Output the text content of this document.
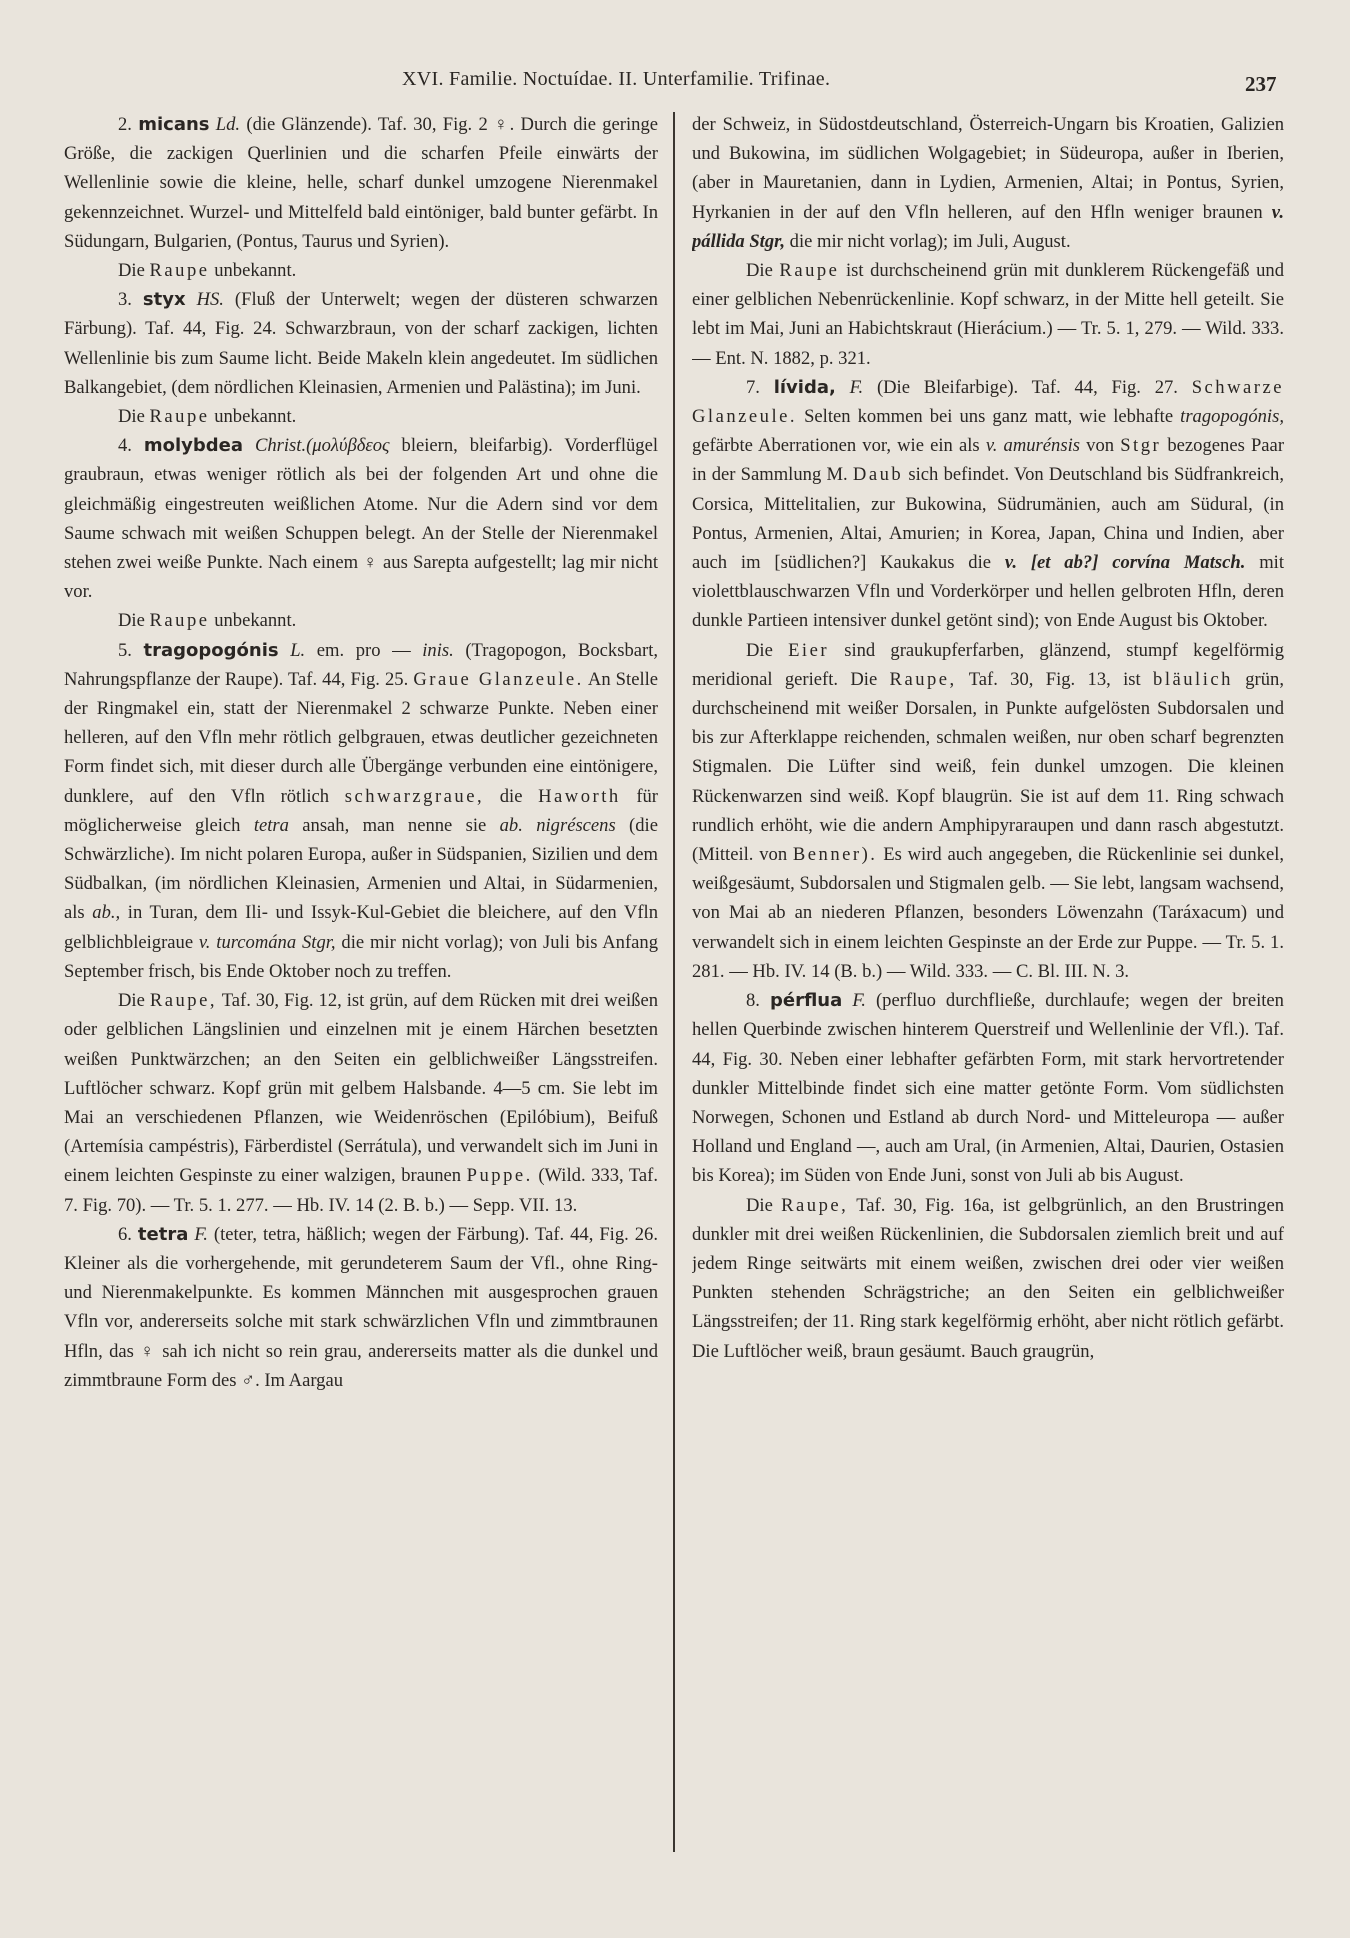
XVI. Familie. Noctuídae. II. Unterfamilie. Trifinae.	237

2. micans Ld. (die Glänzende). Taf. 30, Fig. 2 ♀. Durch die geringe Größe, die zackigen Querlinien und die scharfen Pfeile einwärts der Wellenlinie sowie die kleine, helle, scharf dunkel umzogene Nierenmakel gekennzeichnet. Wurzel- und Mittelfeld bald eintöniger, bald bunter gefärbt. In Südungarn, Bulgarien, (Pontus, Taurus und Syrien).

Die Raupe unbekannt.

3. styx HS. (Fluß der Unterwelt; wegen der düsteren schwarzen Färbung). Taf. 44, Fig. 24. Schwarzbraun, von der scharf zackigen, lichten Wellenlinie bis zum Saume licht. Beide Makeln klein angedeutet. Im südlichen Balkangebiet, (dem nördlichen Kleinasien, Armenien und Palästina); im Juni.

Die Raupe unbekannt.

4. molybdea Christ.(μολύβδεος bleiern, bleifarbig). Vorderflügel graubraun, etwas weniger rötlich als bei der folgenden Art und ohne die gleichmäßig eingestreuten weißlichen Atome. Nur die Adern sind vor dem Saume schwach mit weißen Schuppen belegt. An der Stelle der Nierenmakel stehen zwei weiße Punkte. Nach einem ♀ aus Sarepta aufgestellt; lag mir nicht vor.

Die Raupe unbekannt.

5. tragopogónis L. em. pro — inis. (Tragopogon, Bocksbart, Nahrungspflanze der Raupe). Taf. 44, Fig. 25. Graue Glanzeule. An Stelle der Ringmakel ein, statt der Nierenmakel 2 schwarze Punkte. Neben einer helleren, auf den Vfln mehr rötlich gelbgrauen, etwas deutlicher gezeichneten Form findet sich, mit dieser durch alle Übergänge verbunden eine eintönigere, dunklere, auf den Vfln rötlich schwarzgraue, die Haworth für möglicherweise gleich tetra ansah, man nenne sie ab. nigréscens (die Schwärzliche). Im nicht polaren Europa, außer in Südspanien, Sizilien und dem Südbalkan, (im nördlichen Kleinasien, Armenien und Altai, in Südarmenien, als ab., in Turan, dem Ili- und Issyk-Kul-Gebiet die bleichere, auf den Vfln gelblichbleigraue v. turcomána Stgr, die mir nicht vorlag); von Juli bis Anfang September frisch, bis Ende Oktober noch zu treffen.

Die Raupe, Taf. 30, Fig. 12, ist grün, auf dem Rücken mit drei weißen oder gelblichen Längslinien und einzelnen mit je einem Härchen besetzten weißen Punktwärzchen; an den Seiten ein gelblichweißer Längsstreifen. Luftlöcher schwarz. Kopf grün mit gelbem Halsbande. 4—5 cm. Sie lebt im Mai an verschiedenen Pflanzen, wie Weidenröschen (Epilóbium), Beifuß (Artemísia campéstris), Färberdistel (Serrátula), und verwandelt sich im Juni in einem leichten Gespinste zu einer walzigen, braunen Puppe. (Wild. 333, Taf. 7. Fig. 70). — Tr. 5. 1. 277. — Hb. IV. 14 (2. B. b.) — Sepp. VII. 13.

6. tetra F. (teter, tetra, häßlich; wegen der Färbung). Taf. 44, Fig. 26. Kleiner als die vorhergehende, mit gerundeterem Saum der Vfl., ohne Ring- und Nierenmakelpunkte. Es kommen Männchen mit ausgesprochen grauen Vfln vor, andererseits solche mit stark schwärzlichen Vfln und zimmtbraunen Hfln, das ♀ sah ich nicht so rein grau, andererseits matter als die dunkel und zimmtbraune Form des ♂. Im Aargau

der Schweiz, in Südostdeutschland, Österreich-Ungarn bis Kroatien, Galizien und Bukowina, im südlichen Wolgagebiet; in Südeuropa, außer in Iberien, (aber in Mauretanien, dann in Lydien, Armenien, Altai; in Pontus, Syrien, Hyrkanien in der auf den Vfln helleren, auf den Hfln weniger braunen v. pállida Stgr, die mir nicht vorlag); im Juli, August.

Die Raupe ist durchscheinend grün mit dunklerem Rückengefäß und einer gelblichen Nebenrückenlinie. Kopf schwarz, in der Mitte hell geteilt. Sie lebt im Mai, Juni an Habichtskraut (Hierácium.) — Tr. 5. 1, 279. — Wild. 333.— Ent. N. 1882, p. 321.

7. lívida, F. (Die Bleifarbige). Taf. 44, Fig. 27. Schwarze Glanzeule. Selten kommen bei uns ganz matt, wie lebhafte tragopogónis, gefärbte Aberrationen vor, wie ein als v. amurénsis von Stgr bezogenes Paar in der Sammlung M. Daub sich befindet. Von Deutschland bis Südfrankreich, Corsica, Mittelitalien, zur Bukowina, Südrumänien, auch am Südural, (in Pontus, Armenien, Altai, Amurien; in Korea, Japan, China und Indien, aber auch im [südlichen?] Kaukakus die v. [et ab?] corvína Matsch. mit violettblauschwarzen Vfln und Vorderkörper und hellen gelbroten Hfln, deren dunkle Partieen intensiver dunkel getönt sind); von Ende August bis Oktober.

Die Eier sind graukupferfarben, glänzend, stumpf kegelförmig meridional gerieft. Die Raupe, Taf. 30, Fig. 13, ist bläulich grün, durchscheinend mit weißer Dorsalen, in Punkte aufgelösten Subdorsalen und bis zur Afterklappe reichenden, schmalen weißen, nur oben scharf begrenzten Stigmalen. Die Lüfter sind weiß, fein dunkel umzogen. Die kleinen Rückenwarzen sind weiß. Kopf blaugrün. Sie ist auf dem 11. Ring schwach rundlich erhöht, wie die andern Amphipyraraupen und dann rasch abgestutzt. (Mitteil. von Benner). Es wird auch angegeben, die Rückenlinie sei dunkel, weißgesäumt, Subdorsalen und Stigmalen gelb. — Sie lebt, langsam wachsend, von Mai ab an niederen Pflanzen, besonders Löwenzahn (Taráxacum) und verwandelt sich in einem leichten Gespinste an der Erde zur Puppe. — Tr. 5. 1. 281. — Hb. IV. 14 (B. b.) — Wild. 333. — C. Bl. III. N. 3.

8. pérflua F. (perfluo durchfließe, durchlaufe; wegen der breiten hellen Querbinde zwischen hinterem Querstreif und Wellenlinie der Vfl.). Taf. 44, Fig. 30. Neben einer lebhafter gefärbten Form, mit stark hervortretender dunkler Mittelbinde findet sich eine matter getönte Form. Vom südlichsten Norwegen, Schonen und Estland ab durch Nord- und Mitteleuropa — außer Holland und England —, auch am Ural, (in Armenien, Altai, Daurien, Ostasien bis Korea); im Süden von Ende Juni, sonst von Juli ab bis August.

Die Raupe, Taf. 30, Fig. 16a, ist gelbgrünlich, an den Brustringen dunkler mit drei weißen Rückenlinien, die Subdorsalen ziemlich breit und auf jedem Ringe seitwärts mit einem weißen, zwischen drei oder vier weißen Punkten stehenden Schrägstriche; an den Seiten ein gelblichweißer Längsstreifen; der 11. Ring stark kegelförmig erhöht, aber nicht rötlich gefärbt. Die Luftlöcher weiß, braun gesäumt. Bauch graugrün,
